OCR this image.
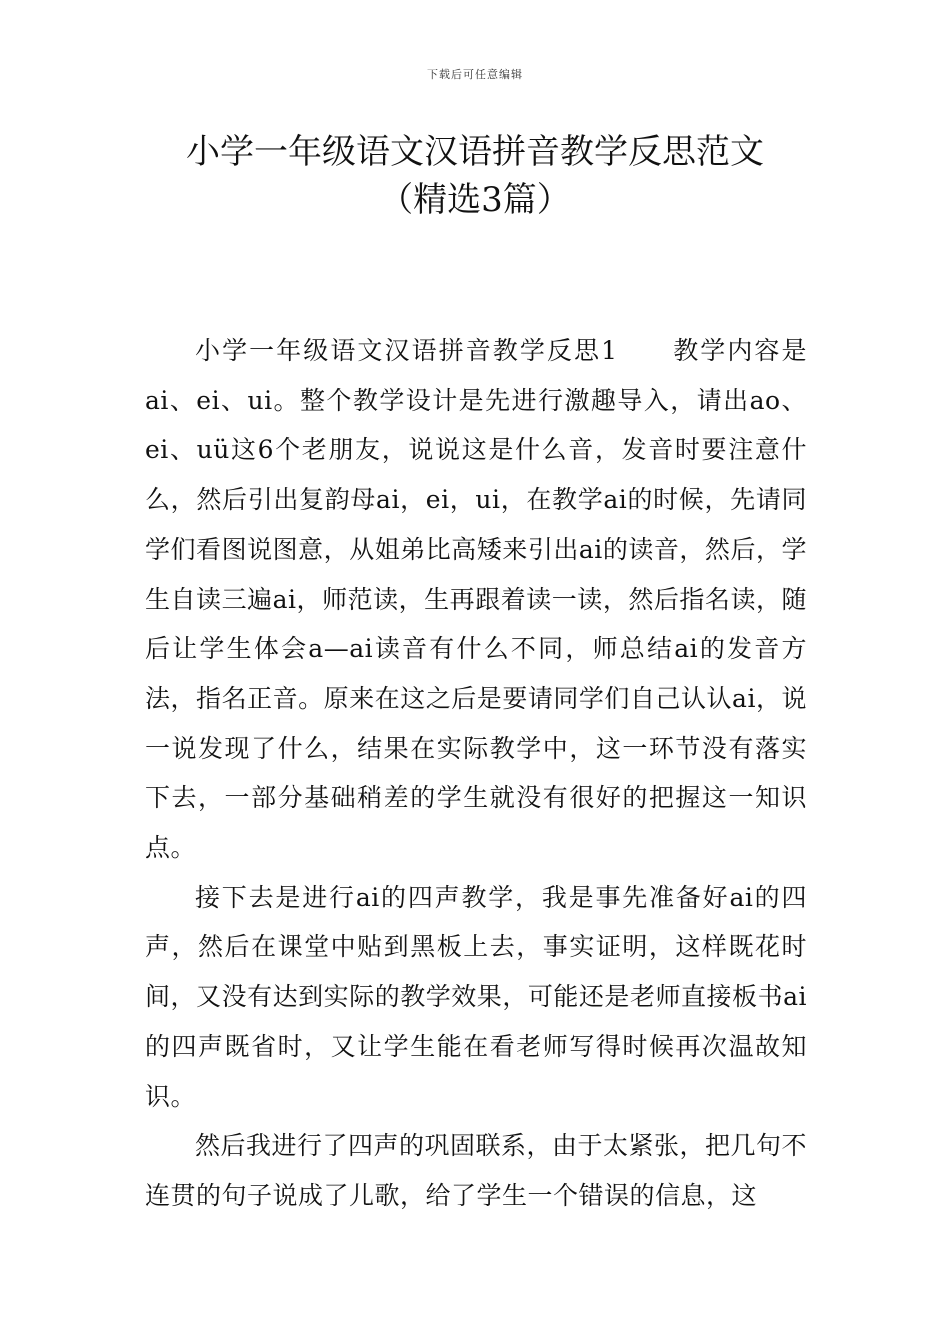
下载后可任意编辑
小学一年级语文汉语拼音教学反思范文
（精选3篇）

小学一年级语文汉语拼音教学反思1　　教学内容是ai、ei、ui。整个教学设计是先进行激趣导入，请出ao、ei、uü这6个老朋友，说说这是什么音，发音时要注意什么，然后引出复韵母ai，ei，ui，在教学ai的时候，先请同学们看图说图意，从姐弟比高矮来引出ai的读音，然后，学生自读三遍ai，师范读，生再跟着读一读，然后指名读，随后让学生体会a—ai读音有什么不同，师总结ai的发音方法，指名正音。原来在这之后是要请同学们自己认认ai，说一说发现了什么，结果在实际教学中，这一环节没有落实下去，一部分基础稍差的学生就没有很好的把握这一知识点。

接下去是进行ai的四声教学，我是事先准备好ai的四声，然后在课堂中贴到黑板上去，事实证明，这样既花时间，又没有达到实际的教学效果，可能还是老师直接板书ai的四声既省时，又让学生能在看老师写得时候再次温故知识。

然后我进行了四声的巩固联系，由于太紧张，把几句不连贯的句子说成了儿歌，给了学生一个错误的信息，这
